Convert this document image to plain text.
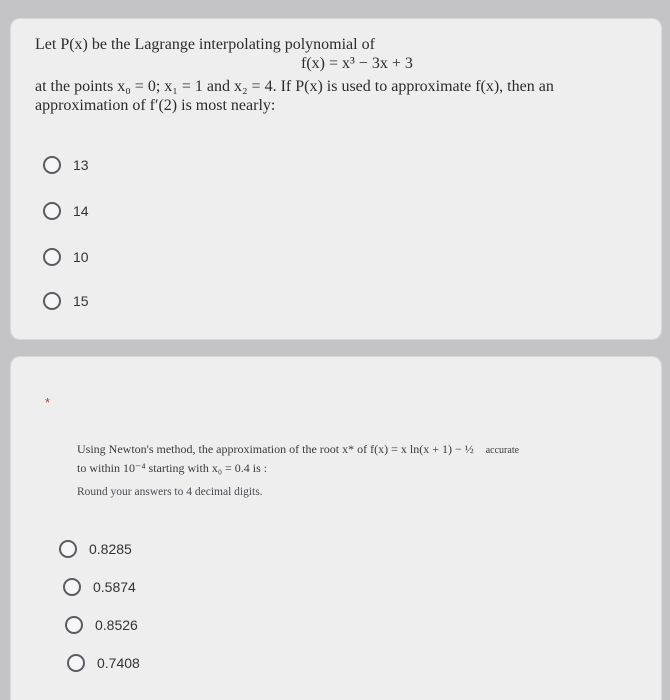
Let P(x) be the Lagrange interpolating polynomial of
f(x) = x³ − 3x + 3
at the points x₀ = 0; x₁ = 1 and x₂ = 4. If P(x) is used to approximate f(x), then an
approximation of f′(2) is most nearly:
13
14
10
15
*
Using Newton's method, the approximation of the root x* of f(x) = x ln(x + 1) − ½ accurate
to within 10⁻⁴ starting with x₀ = 0.4 is :
Round your answers to 4 decimal digits.
0.8285
0.5874
0.8526
0.7408
